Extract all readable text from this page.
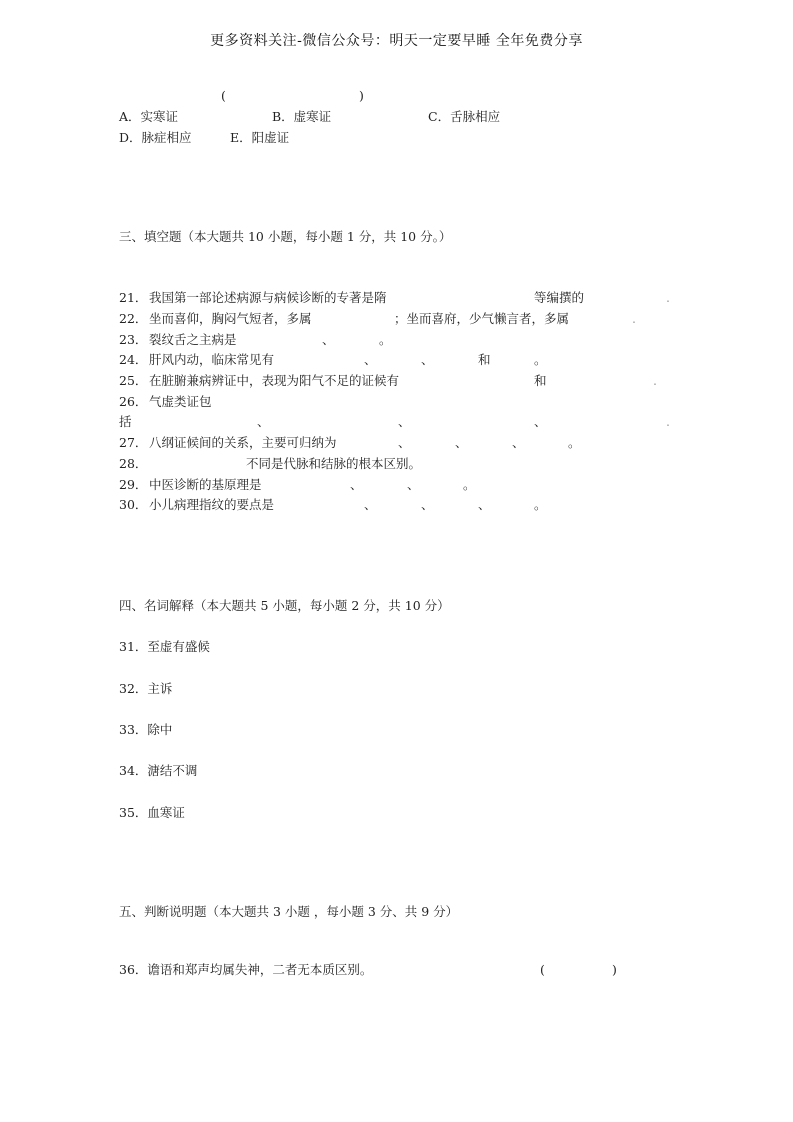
更多资料关注-微信公众号：明天一定要早睡 全年免费分享
(	)
A．实寒证	B．虚寒证	C．舌脉相应
D．脉症相应	E．阳虚证
三、填空题（本大题共 10 小题，每小题 1 分，共 10 分。）
21． 我国第一部论述病源与病候诊断的专著是隋	等编撰的	.
22． 坐而喜仰，胸闷气短者，多属	；坐而喜府，少气懒言者，多属	.
23． 裂纹舌之主病是	、	。
24． 肝风内动，临床常见有	、	、	和	。
25． 在脏腑兼病辨证中，表现为阳气不足的证候有	和	.
26． 气虚类证包
括	、	、	、	.
27． 八纲证候间的关系，主要可归纳为	、	、	、	。
28．	不同是代脉和结脉的根本区别。
29． 中医诊断的基原理是	、	、	。
30． 小儿病理指纹的要点是	、	、	、	。
四、名词解释（本大题共 5 小题，每小题 2 分，共 10 分）
31．至虚有盛候
32．主诉
33．除中
34．溏结不调
35．血寒证
五、判断说明题（本大题共 3 小题 ，每小题 3 分、共 9 分）
36．谵语和郑声均属失神，二者无本质区别。	(	)
